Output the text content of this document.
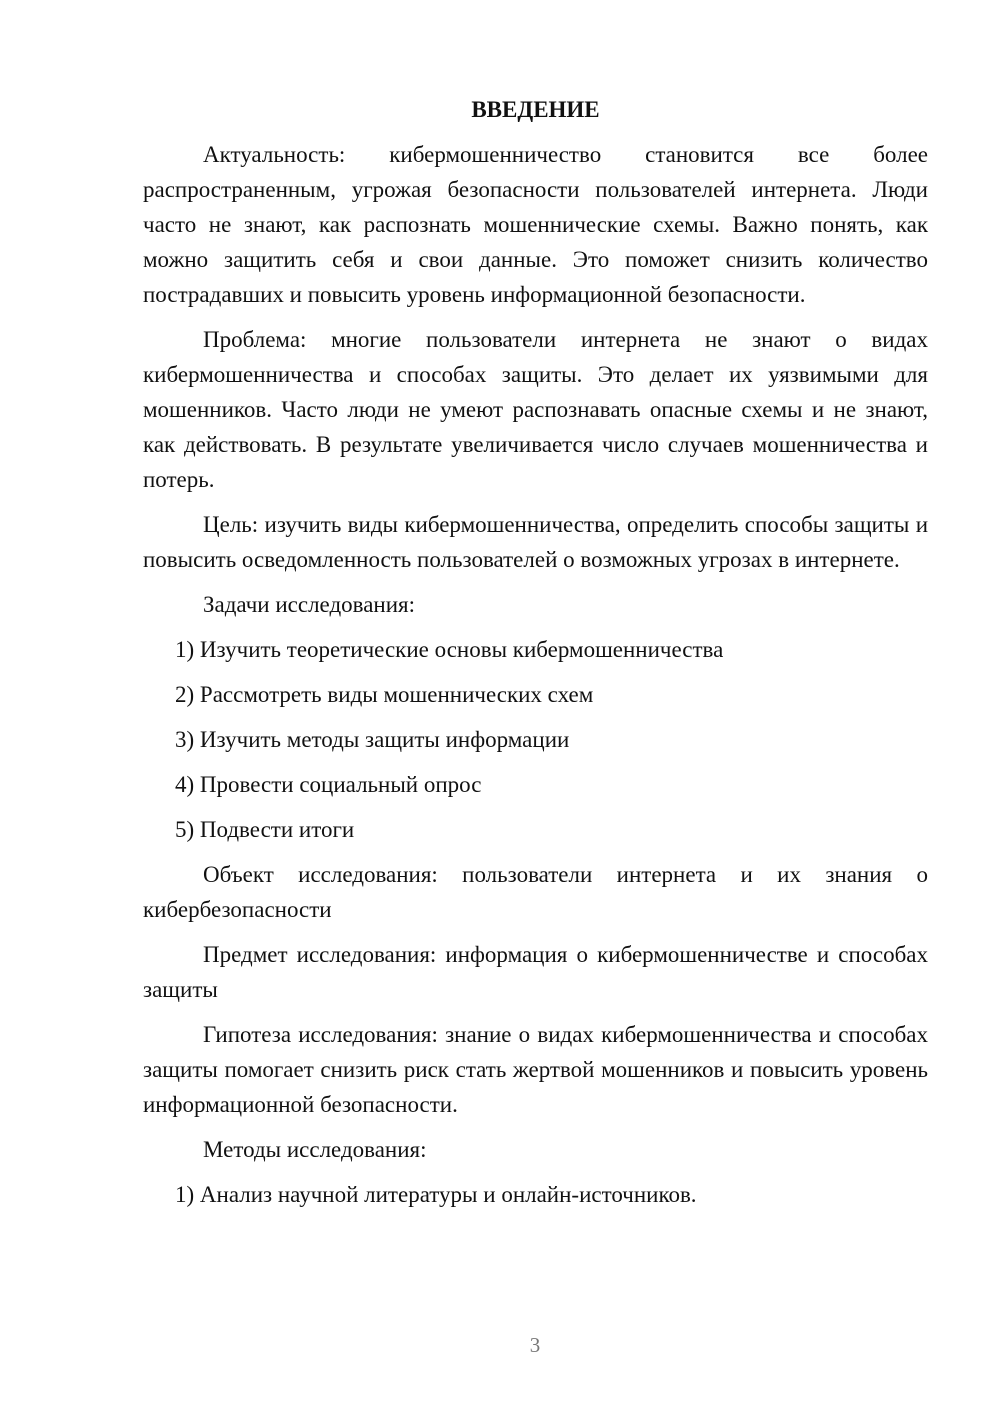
ВВЕДЕНИЕ

Актуальность: кибермошенничество становится все более распространенным, угрожая безопасности пользователей интернета. Люди часто не знают, как распознать мошеннические схемы. Важно понять, как можно защитить себя и свои данные. Это поможет снизить количество пострадавших и повысить уровень информационной безопасности.

Проблема: многие пользователи интернета не знают о видах кибермошенничества и способах защиты. Это делает их уязвимыми для мошенников. Часто люди не умеют распознавать опасные схемы и не знают, как действовать. В результате увеличивается число случаев мошенничества и потерь.

Цель: изучить виды кибермошенничества, определить способы защиты и повысить осведомленность пользователей о возможных угрозах в интернете.

Задачи исследования:
1) Изучить теоретические основы кибермошенничества
2) Рассмотреть виды мошеннических схем
3) Изучить методы защиты информации
4) Провести социальный опрос
5) Подвести итоги

Объект исследования: пользователи интернета и их знания о кибербезопасности

Предмет исследования: информация о кибермошенничестве и способах защиты

Гипотеза исследования: знание о видах кибермошенничества и способах защиты помогает снизить риск стать жертвой мошенников и повысить уровень информационной безопасности.

Методы исследования:
1) Анализ научной литературы и онлайн-источников.
3
